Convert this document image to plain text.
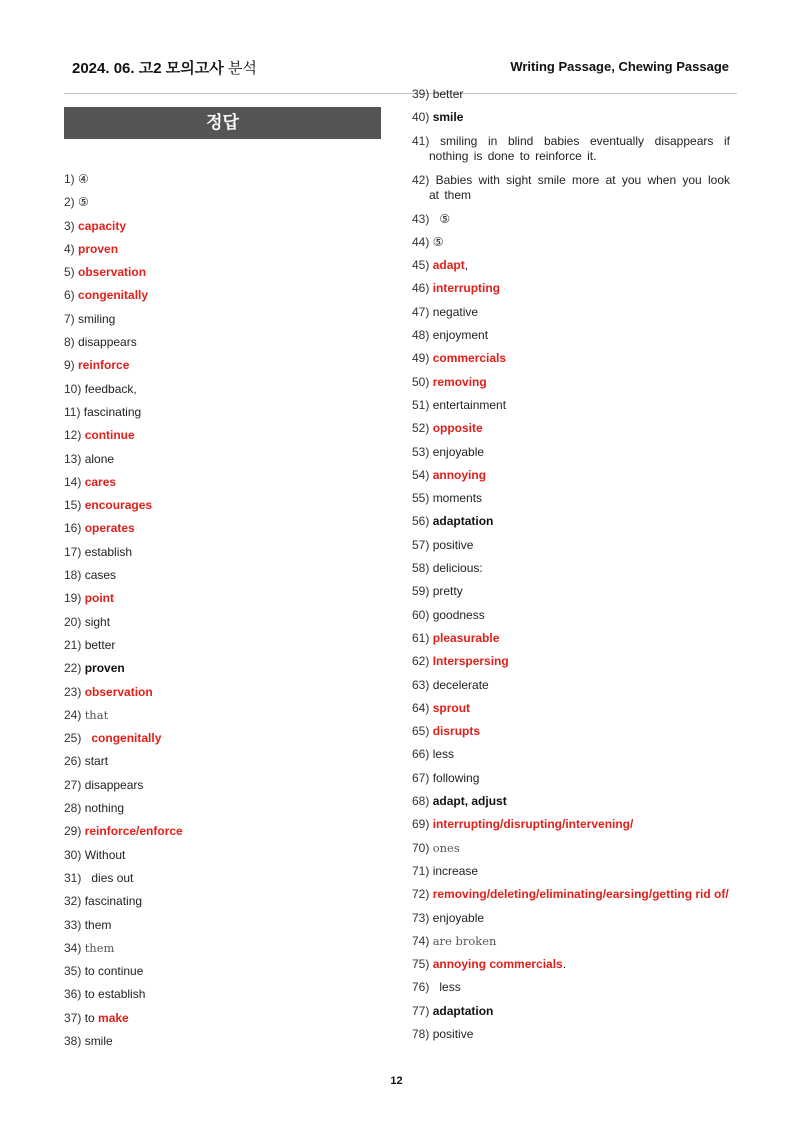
2024. 06. 고2 모의고사 분석	Writing Passage, Chewing Passage
정답
1) ④
2) ⑤
3) capacity
4) proven
5) observation
6) congenitally
7) smiling
8) disappears
9) reinforce
10) feedback,
11) fascinating
12) continue
13) alone
14) cares
15) encourages
16) operates
17) establish
18) cases
19) point
20) sight
21) better
22) proven
23) observation
24) that
25)   congenitally
26) start
27) disappears
28) nothing
29) reinforce/enforce
30) Without
31)   dies out
32) fascinating
33) them
34) them
35) to continue
36) to establish
37) to make
38) smile
39) better
40) smile
41) smiling in blind babies eventually disappears if nothing is done to reinforce it.
42) Babies with sight smile more at you when you look at them
43)   ⑤
44) ⑤
45) adapt,
46) interrupting
47) negative
48) enjoyment
49) commercials
50) removing
51) entertainment
52) opposite
53) enjoyable
54) annoying
55) moments
56) adaptation
57) positive
58) delicious:
59) pretty
60) goodness
61) pleasurable
62) Interspersing
63) decelerate
64) sprout
65) disrupts
66) less
67) following
68) adapt, adjust
69) interrupting/disrupting/intervening/
70) ones
71) increase
72) removing/deleting/eliminating/earsing/getting rid of/
73) enjoyable
74) are broken
75) annoying commercials.
76)   less
77) adaptation
78) positive
12
